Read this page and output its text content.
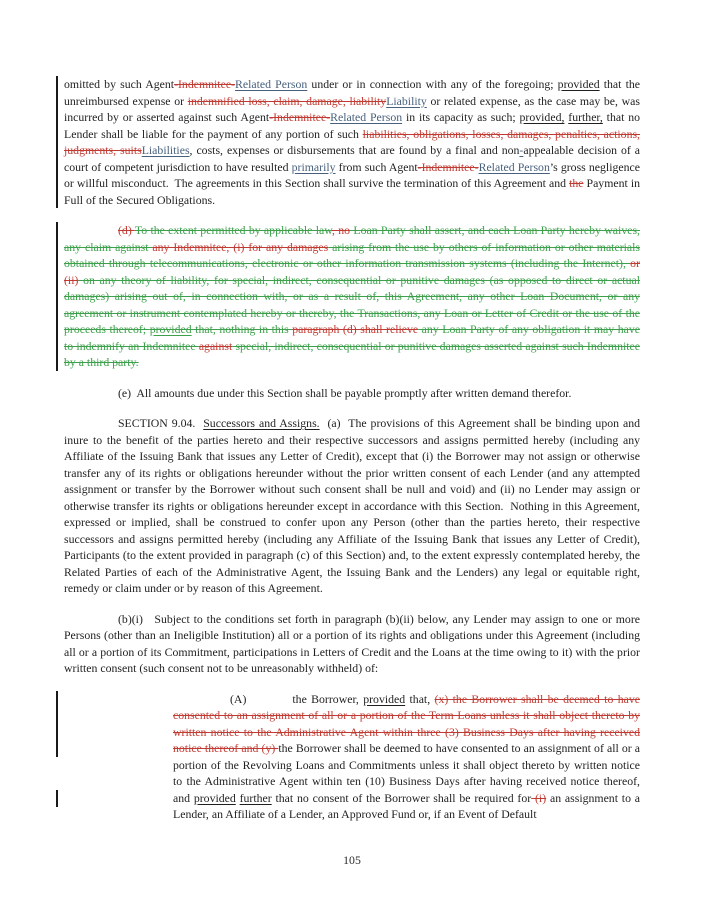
omitted by such Agent-Indemnitee-Related Person under or in connection with any of the foregoing; provided that the unreimbursed expense or indemnified loss, claim, damage, liabilityLiability or related expense, as the case may be, was incurred by or asserted against such Agent-Indemnitee-Related Person in its capacity as such; provided, further, that no Lender shall be liable for the payment of any portion of such liabilities, obligations, losses, damages, penalties, actions, judgments, suitsLiabilities, costs, expenses or disbursements that are found by a final and non-appealable decision of a court of competent jurisdiction to have resulted primarily from such Agent-Indemnitee-Related Person’s gross negligence or willful misconduct.  The agreements in this Section shall survive the termination of this Agreement and the Payment in Full of the Secured Obligations.

(d) To the extent permitted by applicable law, no Loan Party shall assert, and each Loan Party hereby waives, any claim against any Indemnitee, (i) for any damages arising from the use by others of information or other materials obtained through telecommunications, electronic or other information transmission systems (including the Internet), or (ii) on any theory of liability, for special, indirect, consequential or punitive damages (as opposed to direct or actual damages) arising out of, in connection with, or as a result of, this Agreement, any other Loan Document, or any agreement or instrument contemplated hereby or thereby, the Transactions, any Loan or Letter of Credit or the use of the proceeds thereof; provided that, nothing in this paragraph (d) shall relieve any Loan Party of any obligation it may have to indemnify an Indemnitee against special, indirect, consequential or punitive damages asserted against such Indemnitee by a third party.

(e)  All amounts due under this Section shall be payable promptly after written demand therefor.

SECTION 9.04.  Successors and Assigns.  (a)  The provisions of this Agreement shall be binding upon and inure to the benefit of the parties hereto and their respective successors and assigns permitted hereby (including any Affiliate of the Issuing Bank that issues any Letter of Credit), except that (i) the Borrower may not assign or otherwise transfer any of its rights or obligations hereunder without the prior written consent of each Lender (and any attempted assignment or transfer by the Borrower without such consent shall be null and void) and (ii) no Lender may assign or otherwise transfer its rights or obligations hereunder except in accordance with this Section.  Nothing in this Agreement, expressed or implied, shall be construed to confer upon any Person (other than the parties hereto, their respective successors and assigns permitted hereby (including any Affiliate of the Issuing Bank that issues any Letter of Credit), Participants (to the extent provided in paragraph (c) of this Section) and, to the extent expressly contemplated hereby, the Related Parties of each of the Administrative Agent, the Issuing Bank and the Lenders) any legal or equitable right, remedy or claim under or by reason of this Agreement.

(b)(i)   Subject to the conditions set forth in paragraph (b)(ii) below, any Lender may assign to one or more Persons (other than an Ineligible Institution) all or a portion of its rights and obligations under this Agreement (including all or a portion of its Commitment, participations in Letters of Credit and the Loans at the time owing to it) with the prior written consent (such consent not to be unreasonably withheld) of:

(A)	the Borrower, provided that, (x) the Borrower shall be deemed to have consented to an assignment of all or a portion of the Term Loans unless it shall object thereto by written notice to the Administrative Agent within three (3) Business Days after having received notice thereof and (y) the Borrower shall be deemed to have consented to an assignment of all or a portion of the Revolving Loans and Commitments unless it shall object thereto by written notice to the Administrative Agent within ten (10) Business Days after having received notice thereof, and provided further that no consent of the Borrower shall be required for (i) an assignment to a Lender, an Affiliate of a Lender, an Approved Fund or, if an Event of Default

105
